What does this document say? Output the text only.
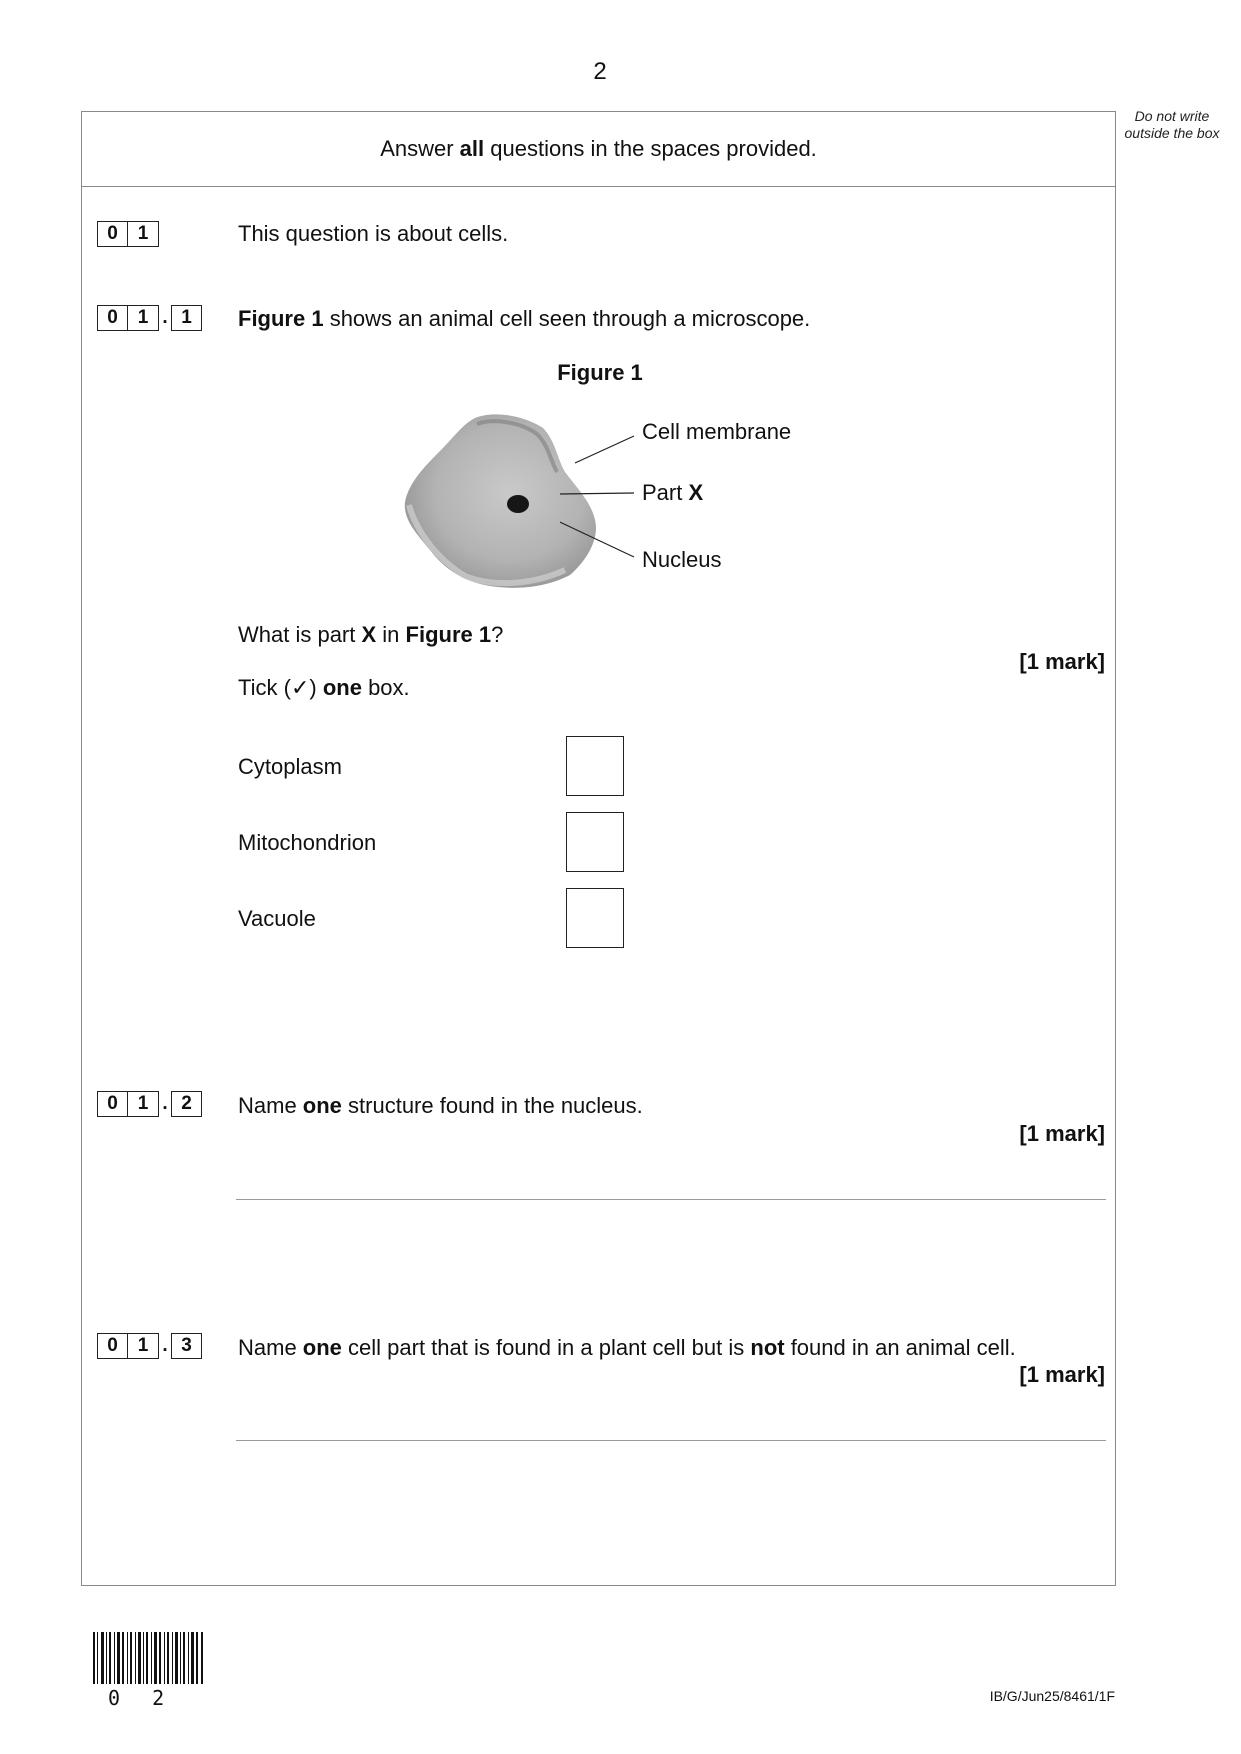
2
Do not write outside the box
Answer all questions in the spaces provided.
0	1	This question is about cells.
0	1 . 1	Figure 1 shows an animal cell seen through a microscope.
Figure 1
Cell membrane
Part X
Nucleus
What is part X in Figure 1?
[1 mark]
Tick (✓) one box.
Cytoplasm
Mitochondrion
Vacuole
0	1 . 2	Name one structure found in the nucleus.
[1 mark]
0	1 . 3	Name one cell part that is found in a plant cell but is not found in an animal cell.
[1 mark]
0 2	IB/G/Jun25/8461/1F
